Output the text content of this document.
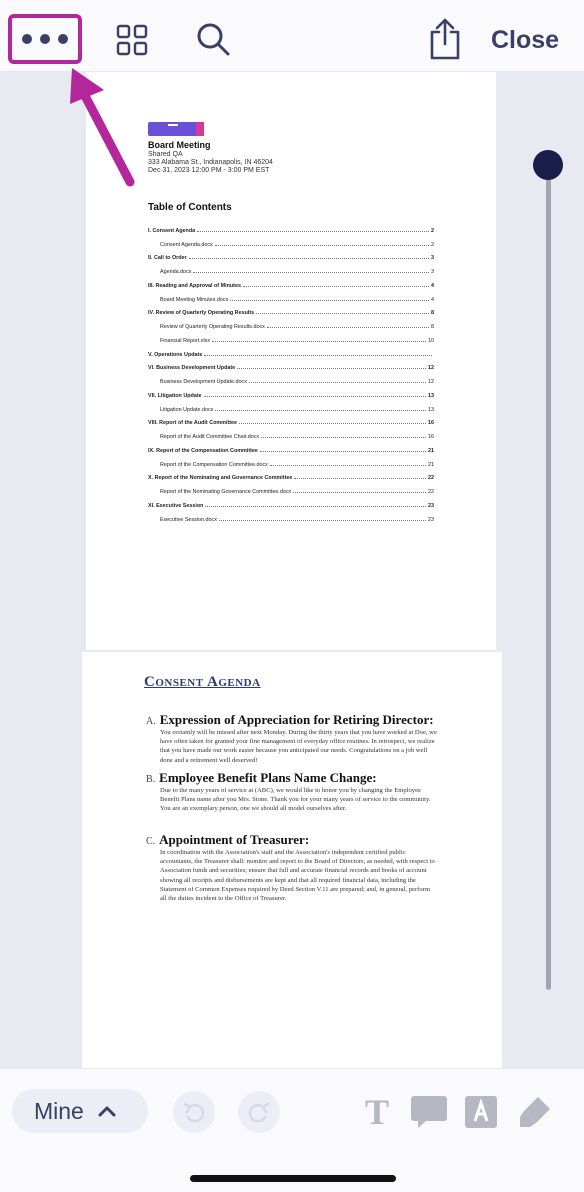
Close
Board Meeting
Shared QA
333 Alabama St., Indianapolis, IN 46204
Dec 31, 2023 12:00 PM - 3:00 PM EST
Table of Contents
I. Consent Agenda	2
Consent Agenda.docx	2
II. Call to Order	3
Agenda.docx	3
III. Reading and Approval of Minutes	4
Board Meeting Minutes.docx	4
IV. Review of Quarterly Operating Results	8
Review of Quarterly Operating Results.docx	8
Financial Report.xlsx	10
V. Operations Update
VI. Business Development Update	12
Business Development Update.docx	12
VII. Litigation Update	13
Litigation Update.docx	13
VIII. Report of the Audit Committee	16
Report of the Audit Committee Chair.docx	16
IX. Report of the Compensation Committee	21
Report of the Compensation Committee.docx	21
X. Report of the Nominating and Governance Committee	22
Report of the Nominating Governance Committee.docx	22
XI. Executive Session	23
Executive Session.docx	23
Consent Agenda
A. Expression of Appreciation for Retiring Director:
You certainly will be missed after next Monday. During the thirty years that you have worked at Doe, we have often taken for granted your fine management of everyday office routines. In retrospect, we realize that you have made our work easier because you anticipated our needs. Congratulations on a job well done and a retirement well deserved!
B. Employee Benefit Plans Name Change:
Due to the many years of service at (ABC), we would like to honor you by changing the Employee Benefit Plans name after you Mrs. Stone. Thank you for your many years of service to the community. You are an exemplary person, one we should all model ourselves after.
C. Appointment of Treasurer:
In coordination with the Association's staff and the Association's independent certified public accountants, the Treasurer shall: monitor and report to the Board of Directors, as needed, with respect to Association funds and securities; ensure that full and accurate financial records and books of account showing all receipts and disbursements are kept and that all required financial data, including the Statement of Common Expenses required by Deed Section V.11 are prepared; and, in general, perform all the duties incident to the Office of Treasurer.
Mine	T
